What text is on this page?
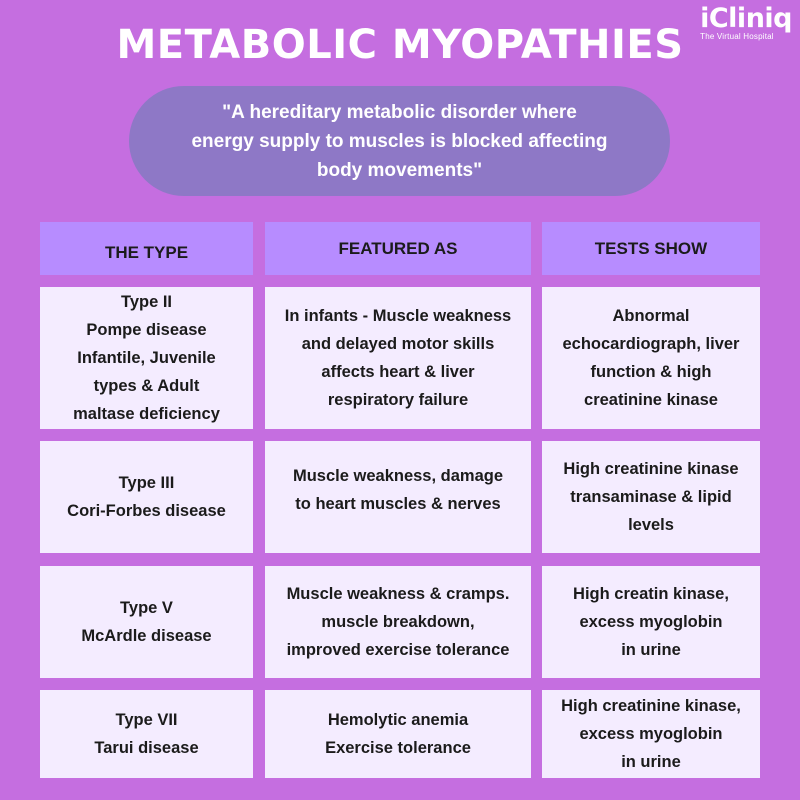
iCliniq
The Virtual Hospital
METABOLIC MYOPATHIES
"A hereditary metabolic disorder where energy supply to muscles is blocked affecting body movements"
THE TYPE	FEATURED AS	TESTS SHOW
Type II
Pompe disease
Infantile, Juvenile
types & Adult
maltase deficiency
In infants - Muscle weakness
and delayed motor skills
affects heart & liver
respiratory failure
Abnormal
echocardiograph, liver
function & high
creatinine kinase
Type III
Cori-Forbes disease
Muscle weakness, damage
to heart muscles & nerves
High creatinine kinase
transaminase & lipid
levels
Type V
McArdle disease
Muscle weakness & cramps.
muscle breakdown,
improved exercise tolerance
High creatin kinase,
excess myoglobin
in urine
Type VII
Tarui disease
Hemolytic anemia
Exercise tolerance
High creatinine kinase,
excess myoglobin
in urine
